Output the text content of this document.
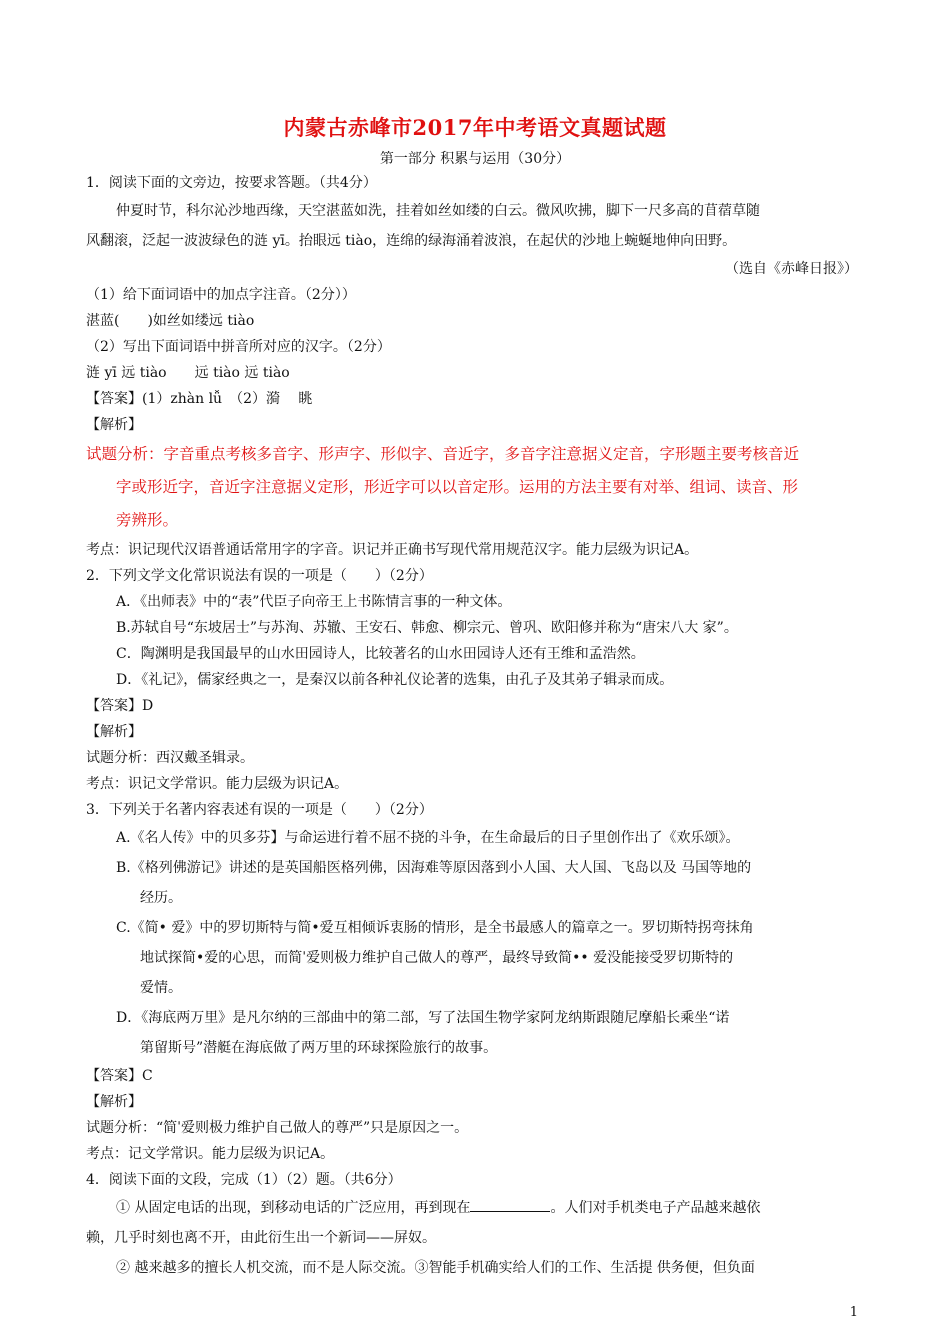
内蒙古赤峰市2017年中考语文真题试题
第一部分 积累与运用（30分）
1．阅读下面的文旁边，按要求答题。（共4分）
仲夏时节，科尔沁沙地西缘，天空湛蓝如洗，挂着如丝如缕的白云。微风吹拂，脚下一尺多高的苜蓿草随
风翻滚，泛起一波波绿色的涟 yī。抬眼远 tiào，连绵的绿海涌着波浪，在起伏的沙地上蜿蜒地伸向田野。
（选自《赤峰日报》）
（1）给下面词语中的加点字注音。（2分））
湛蓝(　　)如丝如缕远 tiào
（2）写出下面词语中拼音所对应的汉字。（2分）
涟 yī 远 tiào　　远 tiào 远 tiào
【答案】(1）zhàn lǚ　（2）漪　 眺
【解析】
试题分析：字音重点考核多音字、形声字、形似字、音近字，多音字注意据义定音，字形题主要考核音近
字或形近字，音近字注意据义定形，形近字可以以音定形。运用的方法主要有对举、组词、读音、形
旁辨形。
考点：识记现代汉语普通话常用字的字音。识记并正确书写现代常用规范汉字。能力层级为识记A。
2．下列文学文化常识说法有误的一项是（　　）（2分）
A．《出师表》中的“表”代臣子向帝王上书陈情言事的一种文体。
B.苏轼自号“东坡居士”与苏洵、苏辙、王安石、韩愈、柳宗元、曾巩、欧阳修并称为“唐宋八大 家”。
C．陶渊明是我国最早的山水田园诗人，比较著名的山水田园诗人还有王维和孟浩然。
D．《礼记》，儒家经典之一，是秦汉以前各种礼仪论著的选集，由孔子及其弟子辑录而成。
【答案】D
【解析】
试题分析：西汉戴圣辑录。
考点：识记文学常识。能力层级为识记A。
3．下列关于名著内容表述有误的一项是（　　）（2分）
A.《名人传》中的贝多芬】与命运进行着不屈不挠的斗争，在生命最后的日子里创作出了《欢乐颂》。
B.《格列佛游记》讲述的是英国船医格列佛，因海难等原因落到小人国、大人国、飞岛以及 马国等地的
经历。
C.《简• 爱》中的罗切斯特与简•爱互相倾诉衷肠的情形，是全书最感人的篇章之一。罗切斯特拐弯抹角
地试探简•爱的心思，而简ˈ爱则极力维护自己做人的尊严，最终导致简•• 爱没能接受罗切斯特的
爱情。
D．《海底两万里》是凡尔纳的三部曲中的第二部，写了法国生物学家阿龙纳斯跟随尼摩船长乘坐“诺
第留斯号”潜艇在海底做了两万里的环球探险旅行的故事。
【答案】C
【解析】
试题分析：“简ˈ爱则极力维护自己做人的尊严”只是原因之一。
考点：记文学常识。能力层级为识记A。
4．阅读下面的文段，完成（1）（2）题。（共6分）
① 从固定电话的出现，到移动电话的广泛应用，再到现在	。人们对手机类电子产品越来越依
赖，几乎时刻也离不开，由此衍生出一个新词——屏奴。
② 越来越多的擅长人机交流，而不是人际交流。③智能手机确实给人们的工作、生活提 供务便，但负面
1
